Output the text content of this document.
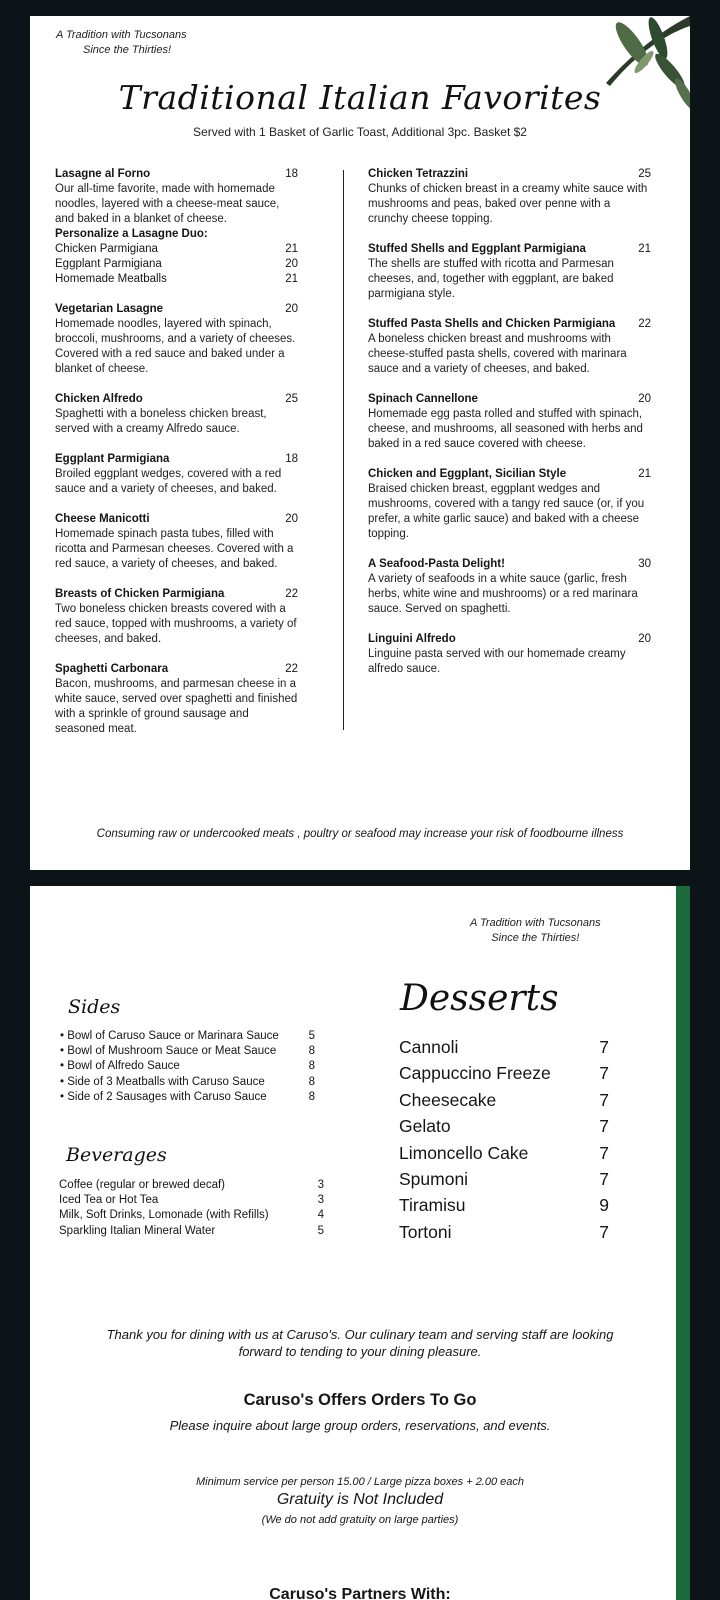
A Tradition with Tucsonans
Since the Thirties!
Traditional Italian Favorites
Served with 1 Basket of Garlic Toast, Additional 3pc. Basket $2
Lasagne al Forno	18
Our all-time favorite, made with homemade noodles, layered with a cheese-meat sauce, and baked in a blanket of cheese.
Personalize a Lasagne Duo:
Chicken Parmigiana	21
Eggplant Parmigiana	20
Homemade Meatballs	21
Vegetarian Lasagne	20
Homemade noodles, layered with spinach, broccoli, mushrooms, and a variety of cheeses. Covered with a red sauce and baked under a blanket of cheese.
Chicken Alfredo	25
Spaghetti with a boneless chicken breast, served with a creamy Alfredo sauce.
Eggplant Parmigiana	18
Broiled eggplant wedges, covered with a red sauce and a variety of cheeses, and baked.
Cheese Manicotti	20
Homemade spinach pasta tubes, filled with ricotta and Parmesan cheeses. Covered with a red sauce, a variety of cheeses, and baked.
Breasts of Chicken Parmigiana	22
Two boneless chicken breasts covered with a red sauce, topped with mushrooms, a variety of cheeses, and baked.
Spaghetti Carbonara	22
Bacon, mushrooms, and parmesan cheese in a white sauce, served over spaghetti and finished with a sprinkle of ground sausage and seasoned meat.
Chicken Tetrazzini	25
Chunks of chicken breast in a creamy white sauce with mushrooms and peas, baked over penne with a crunchy cheese topping.
Stuffed Shells and Eggplant Parmigiana	21
The shells are stuffed with ricotta and Parmesan cheeses, and, together with eggplant, are baked parmigiana style.
Stuffed Pasta Shells and Chicken Parmigiana 22
A boneless chicken breast and mushrooms with cheese-stuffed pasta shells, covered with marinara sauce and a variety of cheeses, and baked.
Spinach Cannellone	20
Homemade egg pasta rolled and stuffed with spinach, cheese, and mushrooms, all seasoned with herbs and baked in a red sauce covered with cheese.
Chicken and Eggplant, Sicilian Style	21
Braised chicken breast, eggplant wedges and mushrooms, covered with a tangy red sauce (or, if you prefer, a white garlic sauce) and baked with a cheese topping.
A Seafood-Pasta Delight!	30
A variety of seafoods in a white sauce (garlic, fresh herbs, white wine and mushrooms) or a red marinara sauce. Served on spaghetti.
Linguini Alfredo	20
Linguine pasta served with our homemade creamy alfredo sauce.
Consuming raw or undercooked meats , poultry or seafood may increase your risk of foodbourne illness
A Tradition with Tucsonans
Since the Thirties!
Sides
• Bowl of Caruso Sauce or Marinara Sauce	5
• Bowl of Mushroom Sauce or Meat Sauce	8
• Bowl of Alfredo Sauce	8
• Side of 3 Meatballs with Caruso Sauce	8
• Side of 2 Sausages with Caruso Sauce	8
Beverages
Coffee (regular or brewed decaf)	3
Iced Tea or Hot Tea	3
Milk, Soft Drinks, Lomonade (with Refills)	4
Sparkling Italian Mineral Water	5
Desserts
Cannoli	7
Cappuccino Freeze	7
Cheesecake	7
Gelato	7
Limoncello Cake	7
Spumoni	7
Tiramisu	9
Tortoni	7
Thank you for dining with us at Caruso's. Our culinary team and serving staff are looking forward to tending to your dining pleasure.
Caruso's Offers Orders To Go
Please inquire about large group orders, reservations, and events.
Minimum service per person 15.00 / Large pizza boxes + 2.00 each
Gratuity is Not Included
(We do not add gratuity on large parties)
Caruso's Partners With:
